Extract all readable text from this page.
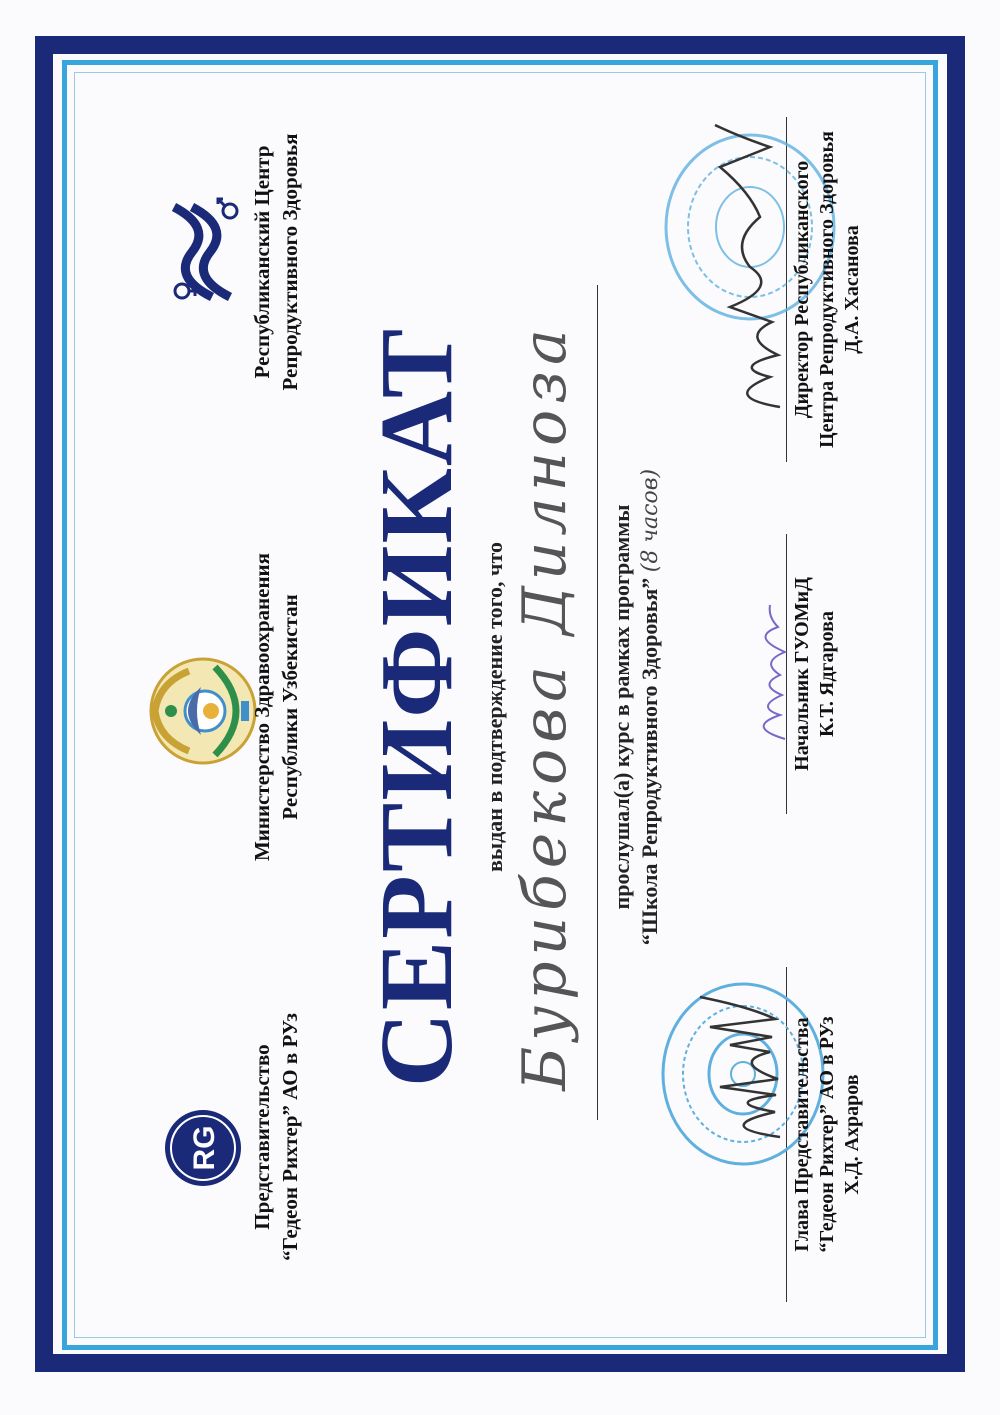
RG Представительство “Гедеон Рихтер” АО в РУз
Министерство Здравоохранения Республики Узбекистан
Республиканский Центр Репродуктивного Здоровья
СЕРТИФИКАТ выдан в подтверждение того, что Бурибекова Дилноза прослушал(а) курс в рамках программы “Школа Репродуктивного Здоровья” (8 часов)
Глава Представительства “Гедеон Рихтер” АО в РУз Х.Д. Ахраров
Начальник ГУОМиД К.Т. Ядгарова
Директор Республиканского Центра Репродуктивного Здоровья Д.А. Хасанова
